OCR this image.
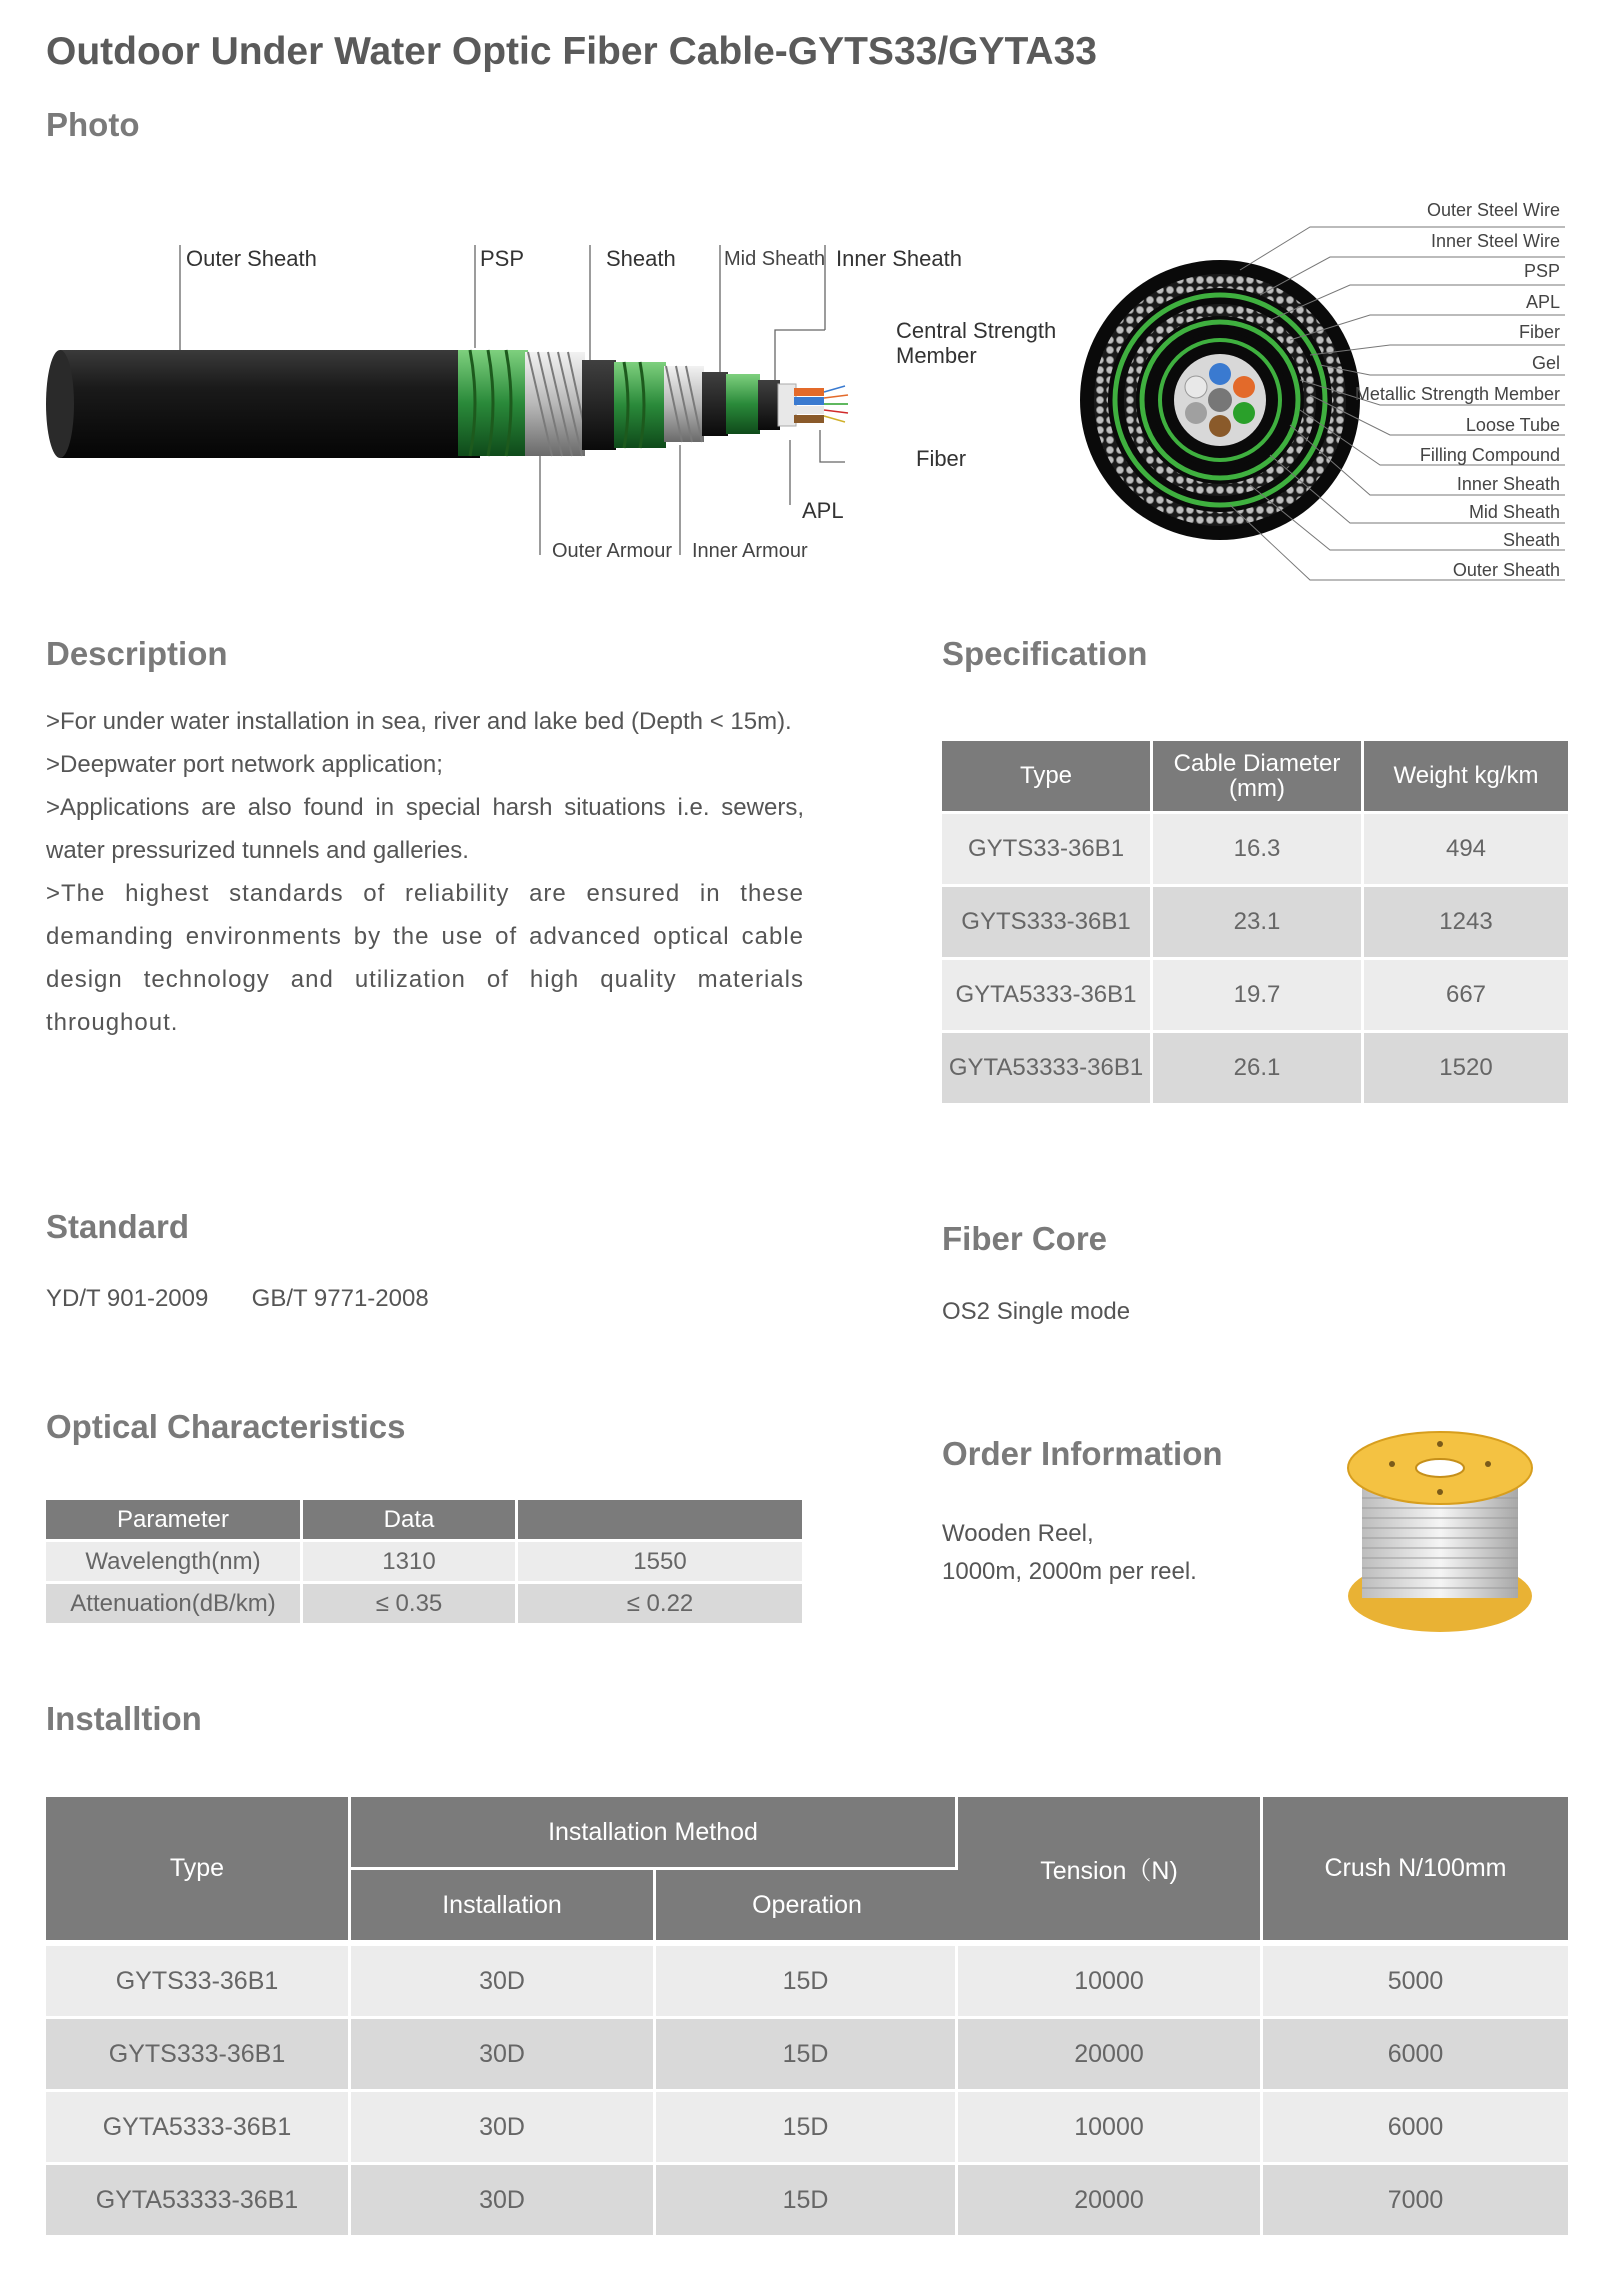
Outdoor Under Water Optic Fiber Cable-GYTS33/GYTA33
Photo
Outer Sheath	PSP	Sheath Mid Sheath Inner Sheath
Central Strength
Member
Fiber
APL
Outer Armour Inner Armour
Outer Steel Wire
Inner Steel Wire
PSP
APL
Fiber
Gel
Metallic Strength Member
Loose Tube
Filling Compound
Inner Sheath
Mid Sheath
Sheath
Outer Sheath
Description
>For under water installation in sea, river and lake bed (Depth < 15m).
>Deepwater port network application;
>Applications are also found in special harsh situations i.e. sewers, water pressurized tunnels and galleries.
>The highest standards of reliability are ensured in these demanding environments by the use of advanced optical cable design technology and utilization of high quality materials throughout.
Specification
Type	Cable Diameter (mm)	Weight kg/km
GYTS33-36B1	16.3	494
GYTS333-36B1	23.1	1243
GYTA5333-36B1	19.7	667
GYTA53333-36B1	26.1	1520
Standard
YD/T 901-2009 GB/T 9771-2008
Fiber Core
OS2 Single mode
Optical Characteristics
Parameter	Data	
Wavelength(nm)	1310	1550
Attenuation(dB/km)	≤ 0.35	≤ 0.22
Order Information
Wooden Reel,
1000m, 2000m per reel.
Installtion
Type	Installation Method		Tension（N)	Crush N/100mm
	Installation	Operation		
GYTS33-36B1	30D	15D	10000	5000
GYTS333-36B1	30D	15D	20000	6000
GYTA5333-36B1	30D	15D	10000	6000
GYTA53333-36B1	30D	15D	20000	7000
